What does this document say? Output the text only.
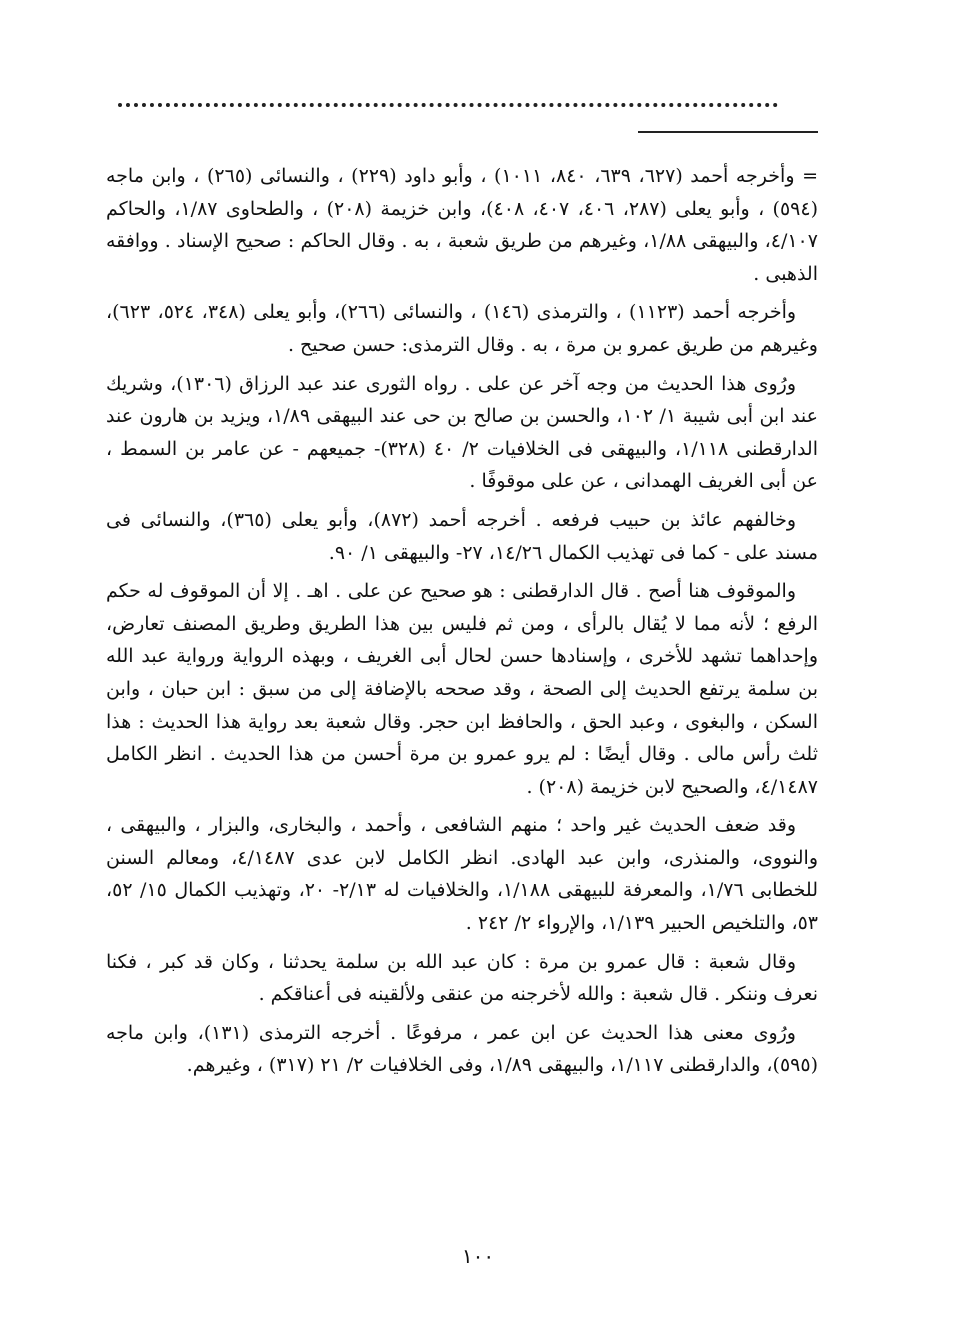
= وأخرجه أحمد (٦٢٧، ٦٣٩، ٨٤٠، ١٠١١) ، وأبو داود (٢٢٩) ، والنسائى (٢٦٥) ، وابن ماجه (٥٩٤) ، وأبو يعلى (٢٨٧، ٤٠٦، ٤٠٧، ٤٠٨)، وابن خزيمة (٢٠٨) ، والطحاوى ١/٨٧، والحاكم ٤/١٠٧، والبيهقى ١/٨٨، وغيرهم من طريق شعبة ، به . وقال الحاكم : صحيح الإسناد . ووافقه الذهبى .

وأخرجه أحمد (١١٢٣) ، والترمذى (١٤٦) ، والنسائى (٢٦٦)، وأبو يعلى (٣٤٨، ٥٢٤، ٦٢٣)، وغيرهم من طريق عمرو بن مرة ، به . وقال الترمذى: حسن صحيح .

ورُوى هذا الحديث من وجه آخر عن على . رواه الثورى عند عبد الرزاق (١٣٠٦)، وشريك عند ابن أبى شيبة ١/ ١٠٢، والحسن بن صالح بن حى عند البيهقى ١/٨٩، ويزيد بن هارون عند الدارقطنى ١/١١٨، والبيهقى فى الخلافيات ٢/ ٤٠ (٣٢٨)- جميعهم - عن عامر بن السمط ، عن أبى الغريف الهمدانى ، عن على موقوفًا .

وخالفهم عائذ بن حبيب فرفعه . أخرجه أحمد (٨٧٢)، وأبو يعلى (٣٦٥)، والنسائى فى مسند على - كما فى تهذيب الكمال ١٤/٢٦، ٢٧- والبيهقى ١/ ٩٠.

والموقوف هنا أصح . قال الدارقطنى : هو صحيح عن على . اهـ . إلا أن الموقوف له حكم الرفع ؛ لأنه مما لا يُقال بالرأى ، ومن ثم فليس بين هذا الطريق وطريق المصنف تعارض، وإحداهما تشهد للأخرى ، وإسنادها حسن لحال أبى الغريف ، وبهذه الرواية ورواية عبد الله بن سلمة يرتفع الحديث إلى الصحة ، وقد صححه بالإضافة إلى من سبق : ابن حبان ، وابن السكن ، والبغوى ، وعبد الحق ، والحافظ ابن حجر. وقال شعبة بعد رواية هذا الحديث : هذا ثلث رأس مالى . وقال أيضًا : لم يرو عمرو بن مرة أحسن من هذا الحديث . انظر الكامل ٤/١٤٨٧، والصحيح لابن خزيمة (٢٠٨) .

وقد ضعف الحديث غير واحد ؛ منهم الشافعى ، وأحمد ، والبخارى، والبزار ، والبيهقى ، والنووى، والمنذرى، وابن عبد الهادى. انظر الكامل لابن عدى ٤/١٤٨٧، ومعالم السنن للخطابى ١/٧٦، والمعرفة للبيهقى ١/١٨٨، والخلافيات له ٢/١٣- ٢٠، وتهذيب الكمال ١٥/ ٥٢، ٥٣، والتلخيص الحبير ١/١٣٩، والإرواء ٢/ ٢٤٢ .

وقال شعبة : قال عمرو بن مرة : كان عبد الله بن سلمة يحدثنا ، وكان قد كبر ، فكنا نعرف وننكر . قال شعبة : والله لأخرجنه من عنقى ولألقينه فى أعناقكم .

ورُوى معنى هذا الحديث عن ابن عمر ، مرفوعًا . أخرجه الترمذى (١٣١)، وابن ماجه (٥٩٥)، والدارقطنى ١/١١٧، والبيهقى ١/٨٩، وفى الخلافيات ٢/ ٢١ (٣١٧) ، وغيرهم.

١٠٠
